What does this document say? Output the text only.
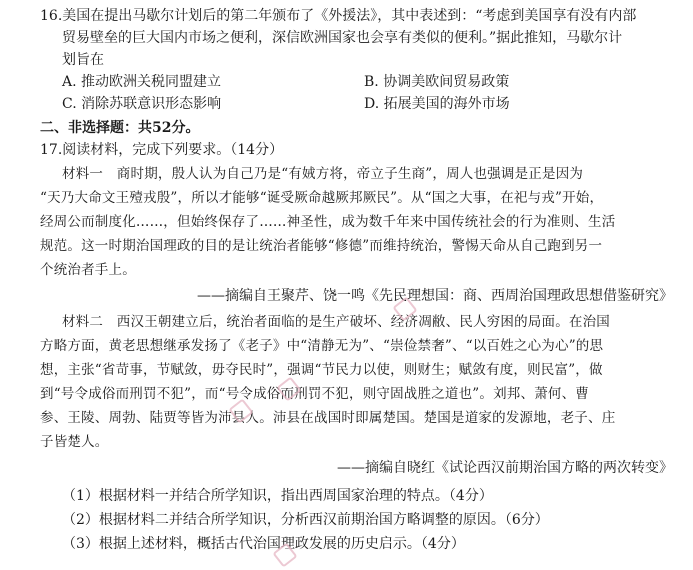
16.美国在提出马歇尔计划后的第二年颁布了《外援法》，其中表述到：“考虑到美国享有没有内部
贸易壁垒的巨大国内市场之便利，深信欧洲国家也会享有类似的便利。”据此推知，马歇尔计
划旨在
A. 推动欧洲关税同盟建立	B. 协调美欧间贸易政策
C. 消除苏联意识形态影响	D. 拓展美国的海外市场
二、非选择题：共52分。
17.阅读材料，完成下列要求。（14分）
材料一　商时期，殷人认为自己乃是“有娀方将，帝立子生商”，周人也强调是正是因为
“天乃大命文王殪戎殷”，所以才能够“诞受厥命越厥邦厥民”。从“国之大事，在祀与戎”开始，
经周公而制度化……，但始终保存了……神圣性，成为数千年来中国传统社会的行为准则、生活
规范。这一时期治国理政的目的是让统治者能够“修德”而维持统治，警惕天命从自己跑到另一
个统治者手上。
——摘编自王聚芹、饶一鸣《先民理想国：商、西周治国理政思想借鉴研究》
材料二　西汉王朝建立后，统治者面临的是生产破坏、经济凋敝、民人穷困的局面。在治国
方略方面，黄老思想继承发扬了《老子》中“清静无为”、“崇俭禁奢”、“以百姓之心为心”的思
想，主张“省苛事，节赋敛，毋夺民时”，强调“节民力以使，则财生；赋敛有度，则民富”，做
到“号令成俗而刑罚不犯”，而“号令成俗而刑罚不犯，则守固战胜之道也”。刘邦、萧何、曹
参、王陵、周勃、陆贾等皆为沛县人。沛县在战国时即属楚国。楚国是道家的发源地，老子、庄
子皆楚人。
——摘编自晓红《试论西汉前期治国方略的两次转变》
（1）根据材料一并结合所学知识，指出西周国家治理的特点。（4分）
（2）根据材料二并结合所学知识，分析西汉前期治国方略调整的原因。（6分）
（3）根据上述材料，概括古代治国理政发展的历史启示。（4分）
